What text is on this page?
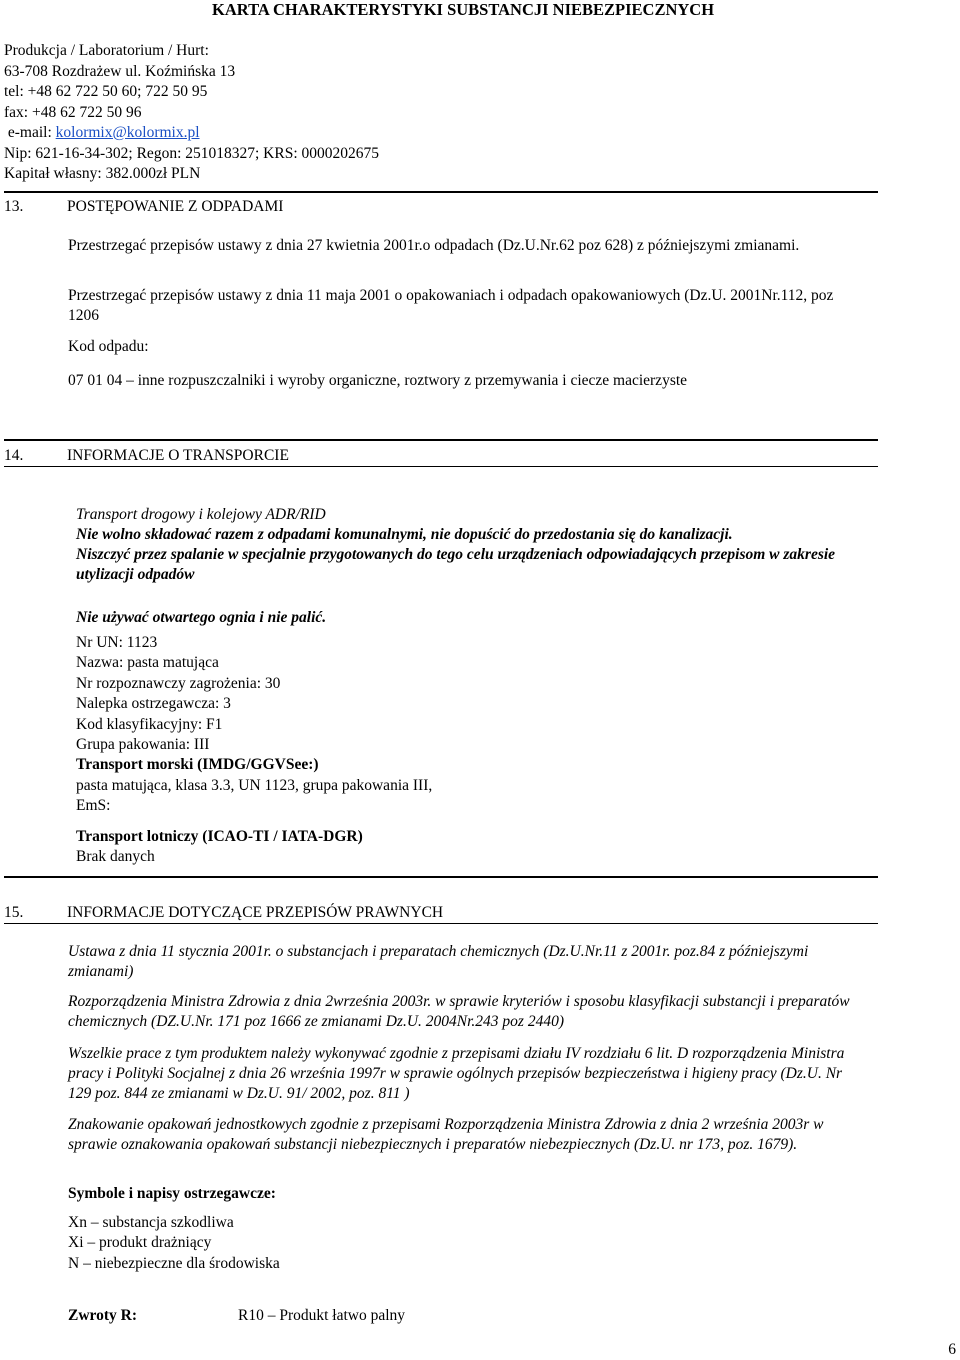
KARTA CHARAKTERYSTYKI SUBSTANCJI NIEBEZPIECZNYCH
Produkcja / Laboratorium / Hurt:
63-708 Rozdrażew ul. Koźmińska 13
tel: +48 62 722 50 60; 722 50 95
fax: +48 62 722 50 96
e-mail: kolormix@kolormix.pl
Nip: 621-16-34-302; Regon: 251018327; KRS: 0000202675
Kapitał własny: 382.000zł PLN
13.	POSTĘPOWANIE Z ODPADAMI
Przestrzegać przepisów ustawy z dnia 27 kwietnia 2001r.o odpadach (Dz.U.Nr.62 poz 628) z późniejszymi zmianami.
Przestrzegać przepisów ustawy z dnia 11 maja 2001 o opakowaniach i odpadach opakowaniowych (Dz.U. 2001Nr.112, poz 1206
Kod odpadu:
07 01 04 – inne rozpuszczalniki i wyroby organiczne, roztwory z przemywania i ciecze macierzyste
14.	INFORMACJE O TRANSPORCIE
Transport drogowy i kolejowy ADR/RID
Nie wolno składować razem z odpadami komunalnymi, nie dopuścić do przedostania się do kanalizacji.
Niszczyć przez spalanie w specjalnie przygotowanych do tego celu urządzeniach odpowiadających przepisom w zakresie utylizacji odpadów
Nie używać otwartego ognia i nie palić.
Nr UN: 1123
Nazwa: pasta matująca
Nr rozpoznawczy zagrożenia: 30
Nalepka ostrzegawcza: 3
Kod klasyfikacyjny: F1
Grupa pakowania: III
Transport morski (IMDG/GGVSee:)
pasta matująca, klasa 3.3, UN 1123, grupa pakowania III,
EmS:
Transport lotniczy (ICAO-TI / IATA-DGR)
Brak danych
15.	INFORMACJE DOTYCZĄCE PRZEPISÓW PRAWNYCH
Ustawa z dnia 11 stycznia 2001r. o substancjach i preparatach chemicznych (Dz.U.Nr.11 z 2001r. poz.84 z późniejszymi zmianami)
Rozporządzenia Ministra Zdrowia z dnia 2września 2003r. w sprawie kryteriów i sposobu klasyfikacji substancji i preparatów chemicznych (DZ.U.Nr. 171 poz 1666 ze zmianami Dz.U. 2004Nr.243 poz 2440)
Wszelkie prace z tym produktem należy wykonywać zgodnie z przepisami działu IV rozdziału 6 lit. D rozporządzenia Ministra pracy i Polityki Socjalnej z dnia 26 września 1997r w sprawie ogólnych przepisów bezpieczeństwa i higieny pracy (Dz.U. Nr 129 poz. 844 ze zmianami w Dz.U. 91/ 2002, poz. 811 )
Znakowanie opakowań jednostkowych zgodnie z przepisami Rozporządzenia Ministra Zdrowia z dnia 2 września 2003r w sprawie oznakowania opakowań substancji niebezpiecznych i preparatów niebezpiecznych (Dz.U. nr 173, poz. 1679).
Symbole i napisy ostrzegawcze:
Xn – substancja szkodliwa
Xi – produkt drażniący
N – niebezpieczne dla środowiska
Zwroty R:	R10 – Produkt łatwo palny
6
